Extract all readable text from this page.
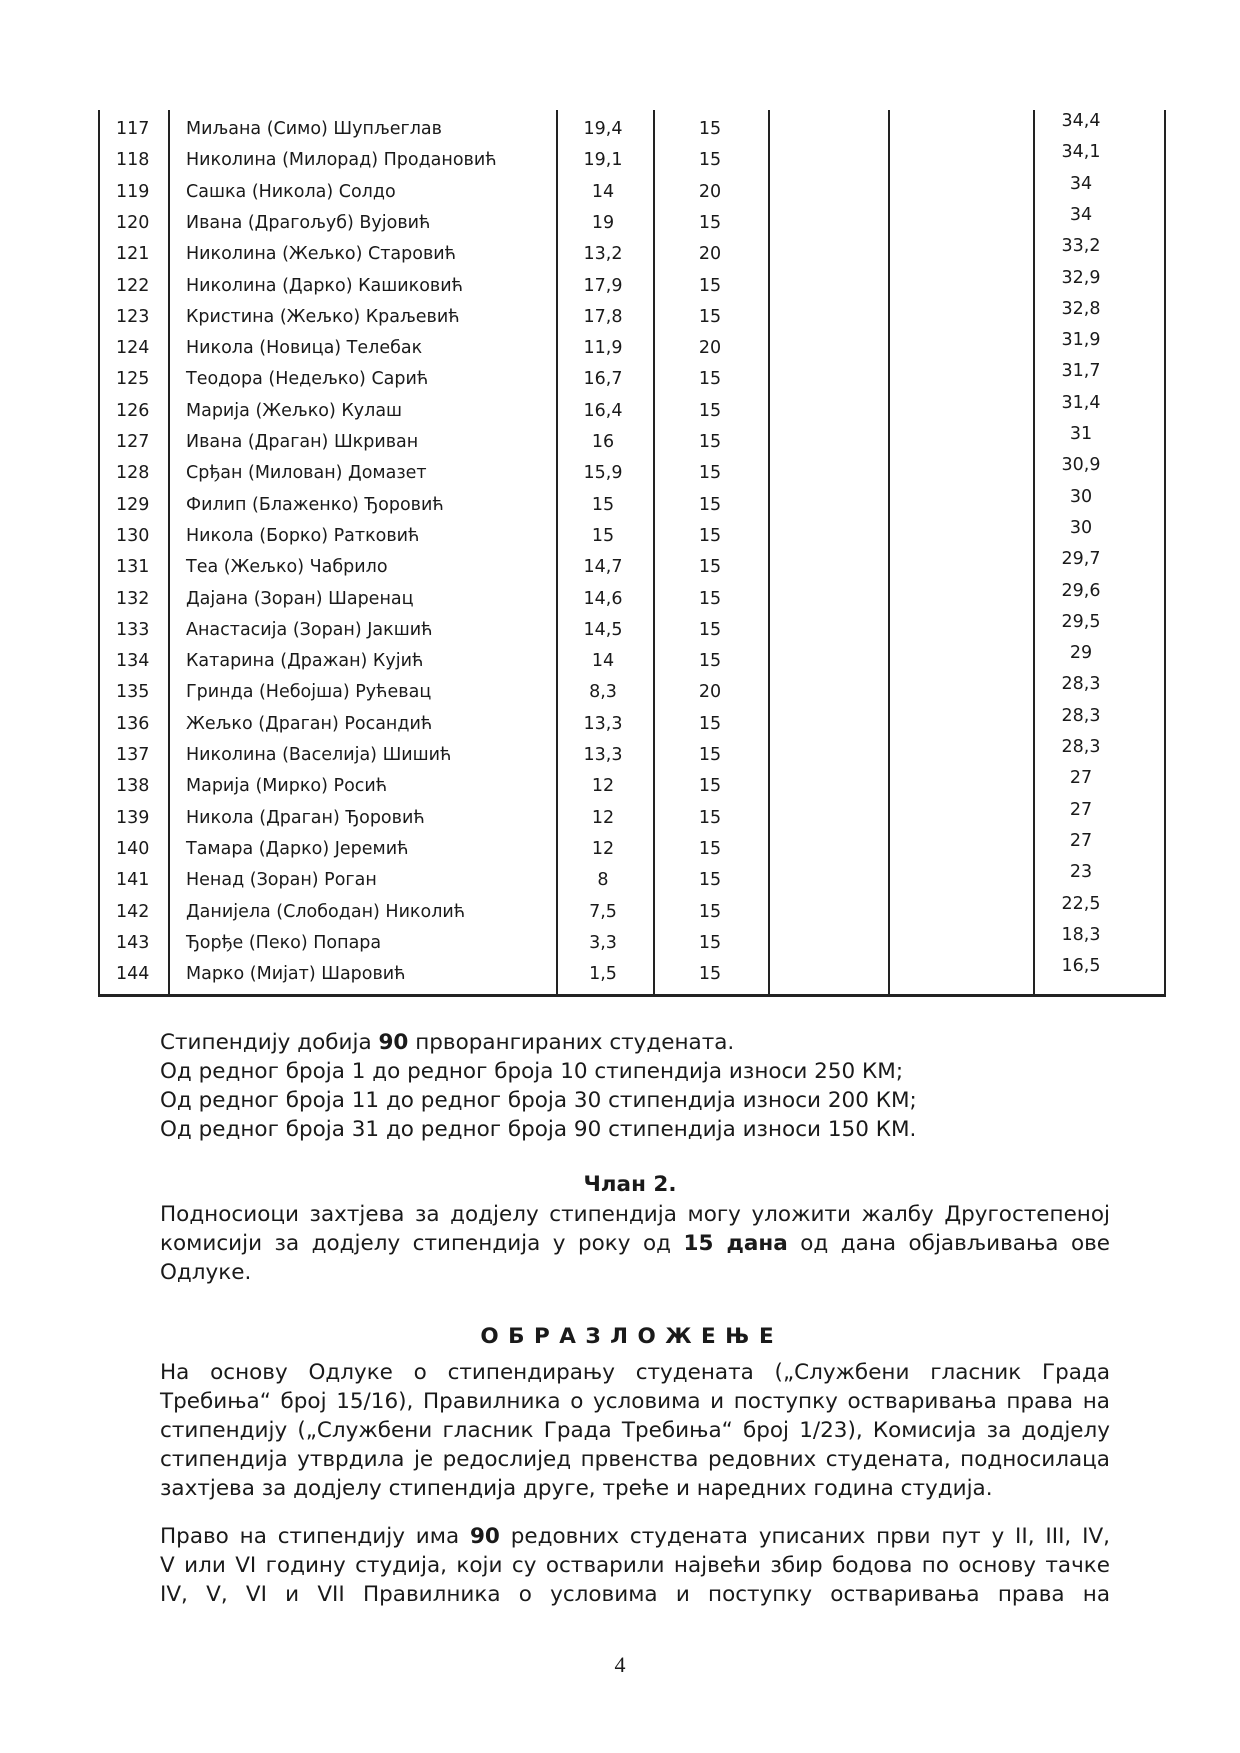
117	Миљана (Симо) Шупљеглав	19,4	15	34,4
118	Николина (Милорад) Продановић	19,1	15	34,1
119	Сашка (Никола) Солдо	14	20	34
120	Ивана (Драгољуб) Вујовић	19	15	34
121	Николина (Жељко) Старовић	13,2	20	33,2
122	Николина (Дарко) Кашиковић	17,9	15	32,9
123	Кристина (Жељко) Краљевић	17,8	15	32,8
124	Никола (Новица) Телебак	11,9	20	31,9
125	Теодора (Недељко) Сарић	16,7	15	31,7
126	Марија (Жељко) Кулаш	16,4	15	31,4
127	Ивана (Драган) Шкриван	16	15	31
128	Срђан (Милован) Домазет	15,9	15	30,9
129	Филип (Блаженко) Ђоровић	15	15	30
130	Никола (Борко) Ратковић	15	15	30
131	Теа (Жељко) Чабрило	14,7	15	29,7
132	Дајана (Зоран) Шаренац	14,6	15	29,6
133	Анастасија (Зоран) Јакшић	14,5	15	29,5
134	Катарина (Дражан) Кујић	14	15	29
135	Гринда (Небојша) Рућевац	8,3	20	28,3
136	Жељко (Драган) Росандић	13,3	15	28,3
137	Николина (Васелија) Шишић	13,3	15	28,3
138	Марија (Мирко) Росић	12	15	27
139	Никола (Драган) Ђоровић	12	15	27
140	Тамара (Дарко) Јеремић	12	15	27
141	Ненад (Зоран) Роган	8	15	23
142	Данијела (Слободан) Николић	7,5	15	22,5
143	Ђорђе (Пеко) Попара	3,3	15	18,3
144	Марко (Мијат) Шаровић	1,5	15	16,5
Стипендију добија 90 прворангираних студената.
Од редног броја 1 до редног броја 10 стипендија износи 250 КМ;
Од редног броја 11 до редног броја 30 стипендија износи 200 КМ;
Од редног броја 31 до редног броја 90 стипендија износи 150 КМ.
Члан 2.
Подносиоци захтјева за додјелу стипендија могу уложити жалбу Другостепеној
комисији за додјелу стипендија у року од 15 дана од дана објављивања ове
Одлуке.
О Б Р А З Л О Ж Е Њ Е
На основу Одлуке о стипендирању студената („Службени гласник Града
Требиња“ број 15/16), Правилника о условима и поступку остваривања права на
стипендију („Службени гласник Града Требиња“ број 1/23), Комисија за додјелу
стипендија утврдила је редослијед првенства редовних студената, подносилаца
захтјева за додјелу стипендија друге, треће и наредних година студија.
Право на стипендију има 90 редовних студената уписаних први пут у II, III, IV,
V или VI годину студија, који су остварили највећи збир бодова по основу тачке
IV, V, VI и VII Правилника о условима и поступку остваривања права на
4
